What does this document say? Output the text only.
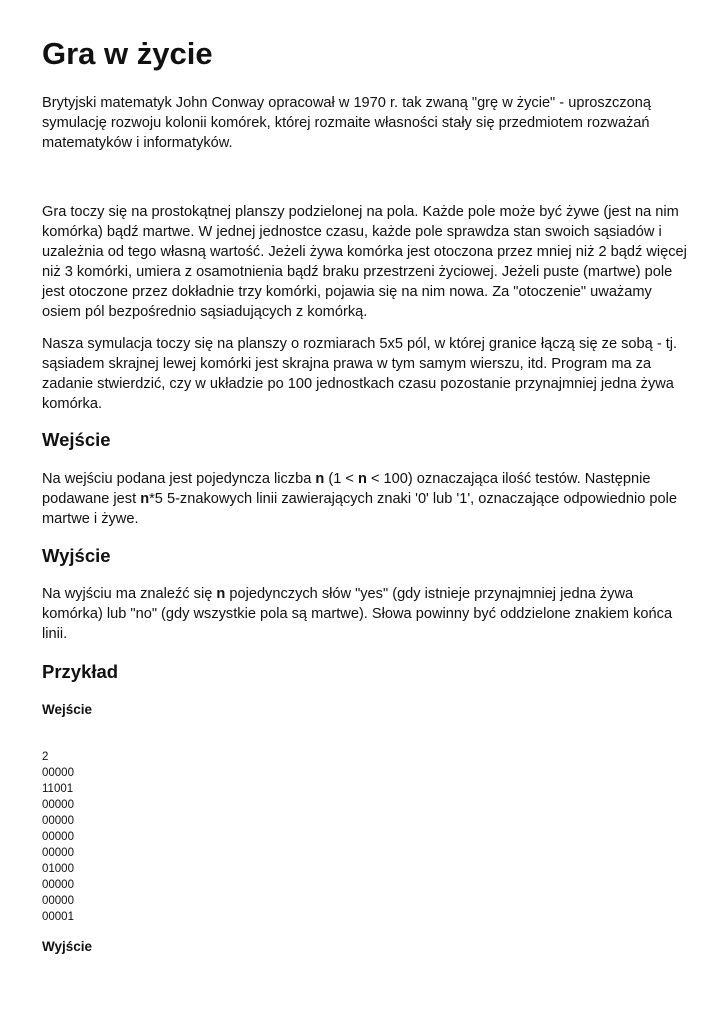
Gra w życie

Brytyjski matematyk John Conway opracował w 1970 r. tak zwaną "grę w życie" - uproszczoną symulację rozwoju kolonii komórek, której rozmaite własności stały się przedmiotem rozważań matematyków i informatyków.

Gra toczy się na prostokątnej planszy podzielonej na pola. Każde pole może być żywe (jest na nim komórka) bądź martwe. W jednej jednostce czasu, każde pole sprawdza stan swoich sąsiadów i uzależnia od tego własną wartość. Jeżeli żywa komórka jest otoczona przez mniej niż 2 bądź więcej niż 3 komórki, umiera z osamotnienia bądź braku przestrzeni życiowej. Jeżeli puste (martwe) pole jest otoczone przez dokładnie trzy komórki, pojawia się na nim nowa. Za "otoczenie" uważamy osiem pól bezpośrednio sąsiadujących z komórką.

Nasza symulacja toczy się na planszy o rozmiarach 5x5 pól, w której granice łączą się ze sobą - tj. sąsiadem skrajnej lewej komórki jest skrajna prawa w tym samym wierszu, itd. Program ma za zadanie stwierdzić, czy w układzie po 100 jednostkach czasu pozostanie przynajmniej jedna żywa komórka.

Wejście

Na wejściu podana jest pojedyncza liczba n (1 < n < 100) oznaczająca ilość testów. Następnie podawane jest n*5 5-znakowych linii zawierających znaki '0' lub '1', oznaczające odpowiednio pole martwe i żywe.

Wyjście

Na wyjściu ma znaleźć się n pojedynczych słów "yes" (gdy istnieje przynajmniej jedna żywa komórka) lub "no" (gdy wszystkie pola są martwe). Słowa powinny być oddzielone znakiem końca linii.

Przykład
Wejście
2
00000
11001
00000
00000
00000
00000
01000
00000
00000
00001
Wyjście
